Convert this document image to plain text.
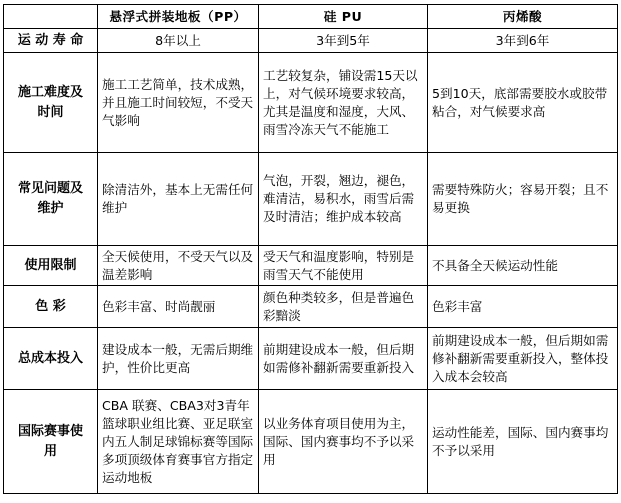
	悬浮式拼装地板（PP）	硅 PU	丙烯酸
运 动 寿 命	8年以上	3年到5年	3年到6年
施工难度及时间	施工工艺简单，技术成熟，并且施工时间较短，不受天气影响	工艺较复杂，铺设需15天以上，对气候环境要求较高，尤其是温度和湿度，大风、雨雪冷冻天气不能施工	5到10天，底部需要胶水或胶带粘合，对气候要求高
常见问题及维护	除清洁外，基本上无需任何维护	气泡，开裂，翘边，褪色，难清洁，易积水，雨雪后需及时清洁；维护成本较高	需要特殊防火；容易开裂；且不易更换
使用限制	全天候使用，不受天气以及温差影响	受天气和温度影响，特别是雨雪天气不能使用	不具备全天候运动性能
色 彩	色彩丰富、时尚靓丽	颜色种类较多，但是普遍色彩黯淡	色彩丰富
总成本投入	建设成本一般，无需后期维护，性价比更高	前期建设成本一般，但后期如需修补翻新需要重新投入	前期建设成本一般，但后期如需修补翻新需要重新投入，整体投入成本会较高
国际赛事使用	CBA 联赛、CBA3对3青年篮球职业组比赛、亚足联室内五人制足球锦标赛等国际多项顶级体育赛事官方指定运动地板	以业务体育项目使用为主，国际、国内赛事均不予以采用	运动性能差，国际、国内赛事均不予以采用
